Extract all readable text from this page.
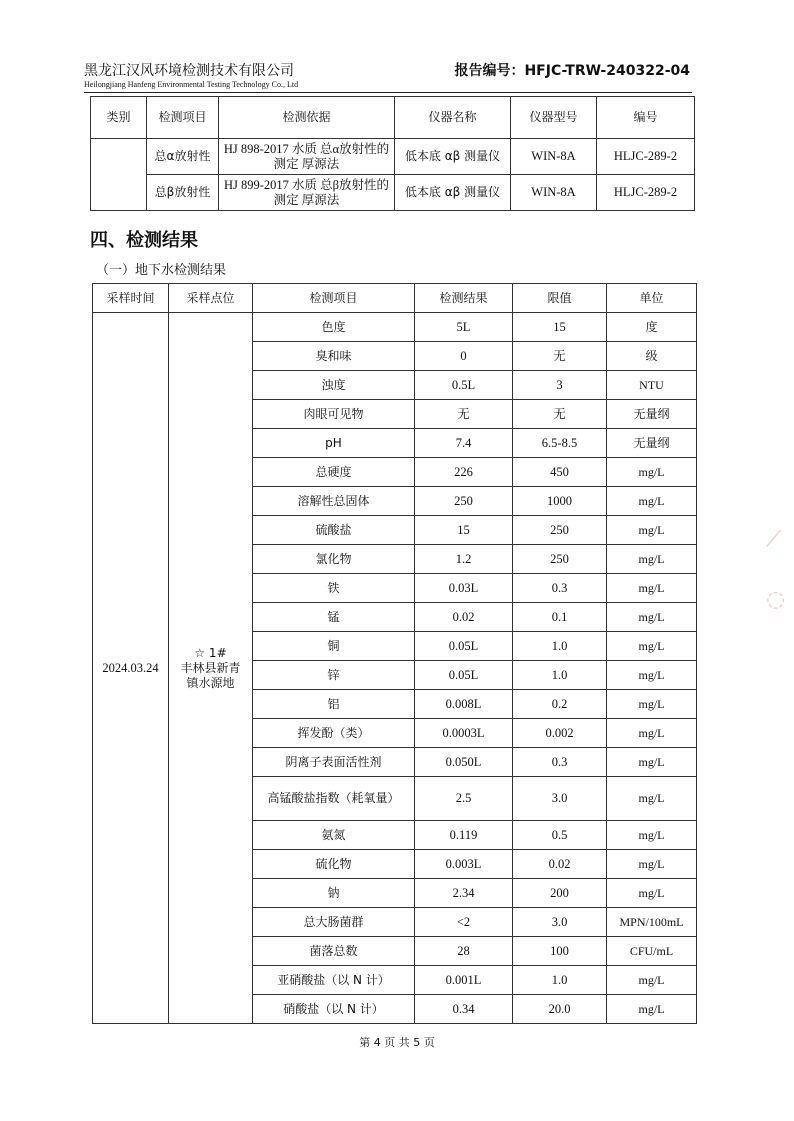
黑龙江汉风环境检测技术有限公司
Heilongjiang Hanfeng Environmental Testing Technology Co., Ltd
报告编号：HFJC-TRW-240322-04
类别	检测项目	检测依据	仪器名称	仪器型号	编号
	总α放射性	HJ 898-2017 水质 总α放射性的测定 厚源法	低本底 αβ 测量仪	WIN-8A	HLJC-289-2
	总β放射性	HJ 899-2017 水质 总β放射性的测定 厚源法	低本底 αβ 测量仪	WIN-8A	HLJC-289-2
四、检测结果
（一）地下水检测结果
采样时间	采样点位	检测项目	检测结果	限值	单位
2024.03.24	☆ 1#
丰林县新青镇水源地	色度	5L	15	度
		臭和味	0	无	级
		浊度	0.5L	3	NTU
		肉眼可见物	无	无	无量纲
		pH	7.4	6.5-8.5	无量纲
		总硬度	226	450	mg/L
		溶解性总固体	250	1000	mg/L
		硫酸盐	15	250	mg/L
		氯化物	1.2	250	mg/L
		铁	0.03L	0.3	mg/L
		锰	0.02	0.1	mg/L
		铜	0.05L	1.0	mg/L
		锌	0.05L	1.0	mg/L
		铝	0.008L	0.2	mg/L
		挥发酚（类）	0.0003L	0.002	mg/L
		阴离子表面活性剂	0.050L	0.3	mg/L
		高锰酸盐指数（耗氧量）	2.5	3.0	mg/L
		氨氮	0.119	0.5	mg/L
		硫化物	0.003L	0.02	mg/L
		钠	2.34	200	mg/L
		总大肠菌群	<2	3.0	MPN/100mL
		菌落总数	28	100	CFU/mL
		亚硝酸盐（以 N 计）	0.001L	1.0	mg/L
		硝酸盐（以 N 计）	0.34	20.0	mg/L
第 4 页 共 5 页
⟋
◌
